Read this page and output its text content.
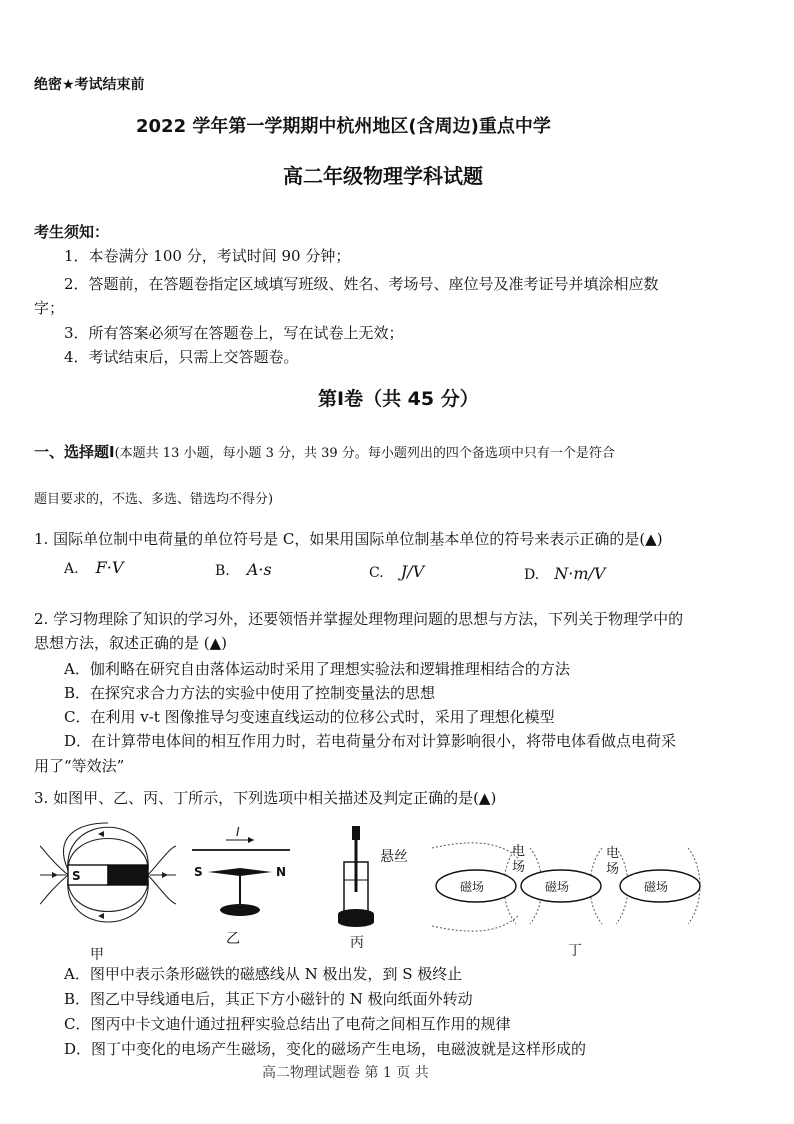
绝密★考试结束前
2022 学年第一学期期中杭州地区(含周边)重点中学
高二年级物理学科试题
考生须知：
1．本卷满分 100 分，考试时间 90 分钟；
2．答题前，在答题卷指定区域填写班级、姓名、考场号、座位号及准考证号并填涂相应数
字；
3．所有答案必须写在答题卷上，写在试卷上无效；
4．考试结束后，只需上交答题卷。
第Ⅰ卷（共 45 分）
一、选择题Ⅰ(本题共 13 小题，每小题 3 分，共 39 分。每小题列出的四个备选项中只有一个是符合
题目要求的，不选、多选、错选均不得分)
1. 国际单位制中电荷量的单位符号是 C，如果用国际单位制基本单位的符号来表示正确的是(▲)
A. F·V	B. A·s	C. J/V	D. N·m/V
2. 学习物理除了知识的学习外，还要领悟并掌握处理物理问题的思想与方法，下列关于物理学中的
思想方法，叙述正确的是 (▲)
A．伽利略在研究自由落体运动时采用了理想实验法和逻辑推理相结合的方法
B．在探究求合力方法的实验中使用了控制变量法的思想
C．在利用 v-t 图像推导匀变速直线运动的位移公式时，采用了理想化模型
D．在计算带电体间的相互作用力时，若电荷量分布对计算影响很小，将带电体看做点电荷采
用了“等效法”
3. 如图甲、乙、丙、丁所示，下列选项中相关描述及判定正确的是(▲)
S
甲
I
S	N
乙
悬丝
丙
磁场	磁场	磁场
电场
电场
丁
A．图甲中表示条形磁铁的磁感线从 N 极出发，到 S 极终止
B．图乙中导线通电后，其正下方小磁针的 N 极向纸面外转动
C．图丙中卡文迪什通过扭秤实验总结出了电荷之间相互作用的规律
D．图丁中变化的电场产生磁场，变化的磁场产生电场，电磁波就是这样形成的
高二物理试题卷 第 1 页 共
